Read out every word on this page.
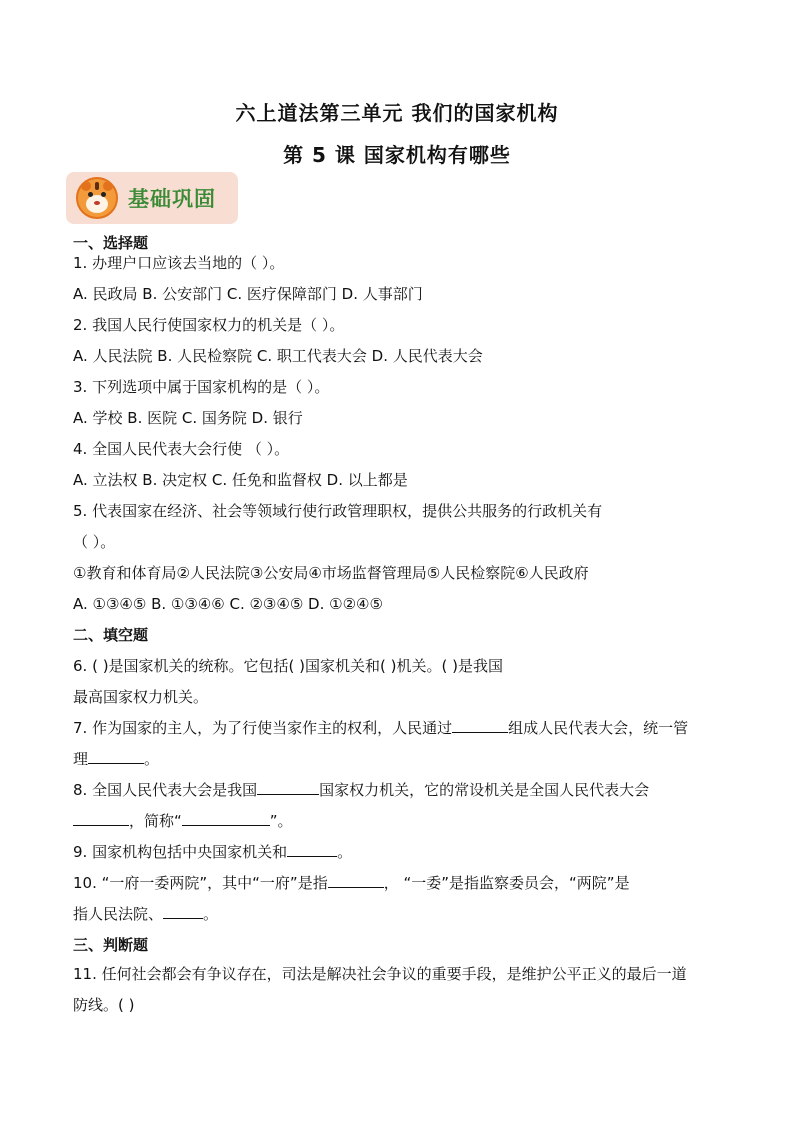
六上道法第三单元 我们的国家机构
第 5 课 国家机构有哪些
基础巩固
一、选择题
1. 办理户口应该去当地的（ ）。
A. 民政局 B. 公安部门 C. 医疗保障部门 D. 人事部门
2. 我国人民行使国家权力的机关是（ ）。
A. 人民法院 B. 人民检察院 C. 职工代表大会 D. 人民代表大会
3. 下列选项中属于国家机构的是（ ）。
A. 学校 B. 医院 C. 国务院 D. 银行
4. 全国人民代表大会行使 （ ）。
A. 立法权 B. 决定权 C. 任免和监督权 D. 以上都是
5. 代表国家在经济、社会等领域行使行政管理职权，提供公共服务的行政机关有
（ ）。
①教育和体育局②人民法院③公安局④市场监督管理局⑤人民检察院⑥人民政府
A. ①③④⑤ B. ①③④⑥ C. ②③④⑤ D. ①②④⑤
二、填空题
6. ( )是国家机关的统称。它包括( )国家机关和( )机关。( )是我国
最高国家权力机关。
7. 作为国家的主人，为了行使当家作主的权利，人民通过	组成人民代表大会，统一管
理	。
8. 全国人民代表大会是我国	国家权力机关，它的常设机关是全国人民代表大会
，简称“	”。
9. 国家机构包括中央国家机关和	。
10. “一府一委两院”，其中“一府”是指	， “一委”是指监察委员会，“两院”是
指人民法院、	。
三、判断题
11. 任何社会都会有争议存在，司法是解决社会争议的重要手段，是维护公平正义的最后一道
防线。( )
